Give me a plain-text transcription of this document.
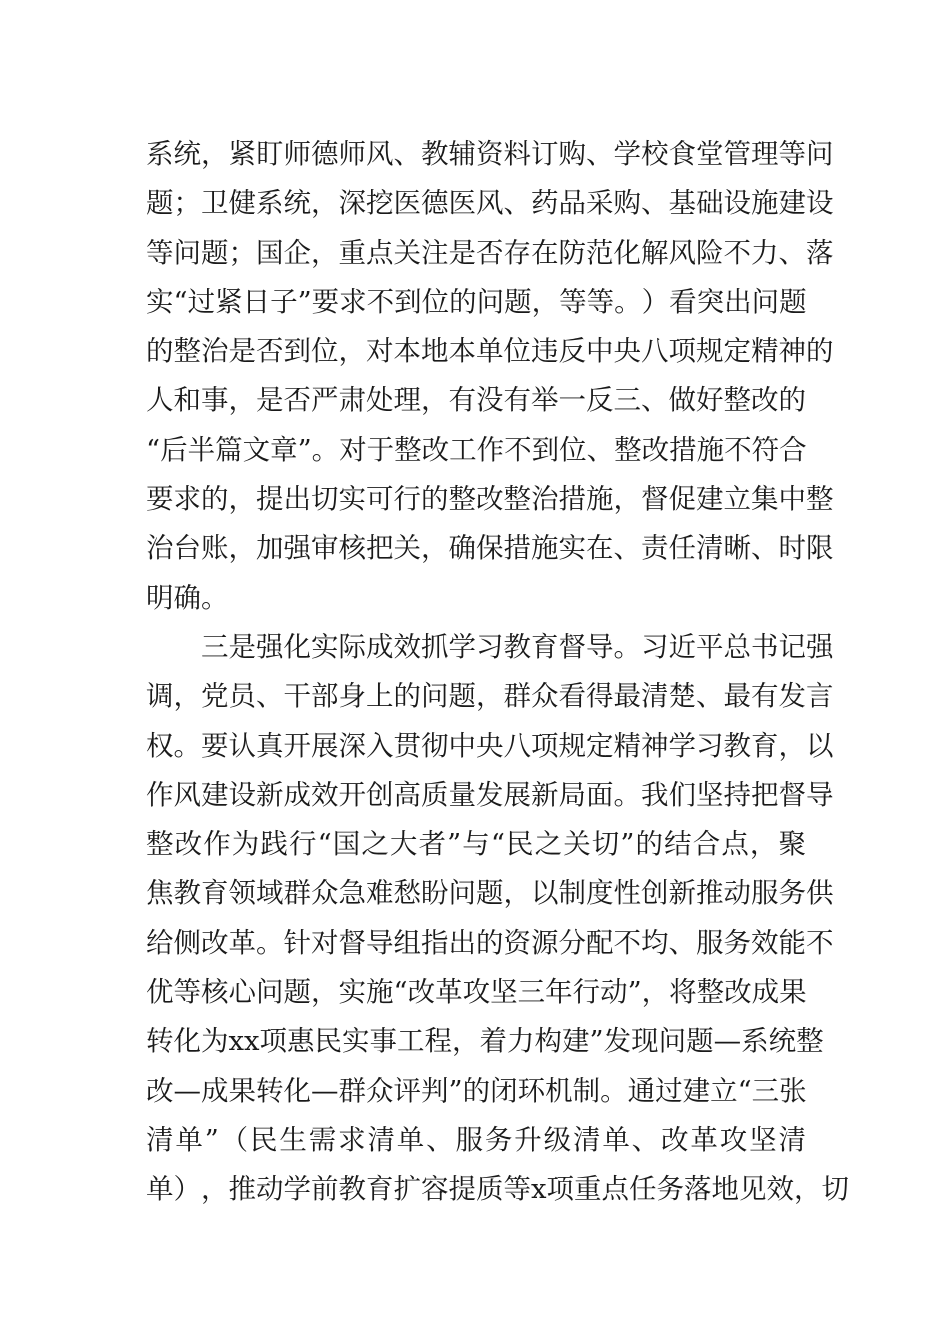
系 统 ， 紧 盯 师 德 师 风 、 教 辅 资 料 订 购 、 学 校 食 堂 管 理 等 问
题 ； 卫 健 系 统 ， 深 挖 医 德 医 风 、 药 品 采 购 、 基 础 设 施 建 设
等 问 题 ； 国 企 ， 重 点 关 注 是 否 存 在 防 范 化 解 风 险 不 力 、 落
实 “ 过 紧 日 子 ” 要 求 不 到 位 的 问 题 ， 等 等 。 ） 看 突 出 问 题
的 整 治 是 否 到 位 ， 对 本 地 本 单 位 违 反 中 央 八 项 规 定 精 神 的
人 和 事 ， 是 否 严 肃 处 理 ， 有 没 有 举 一 反 三 、 做 好 整 改 的
“ 后 半 篇 文 章 ” 。 对 于 整 改 工 作 不 到 位 、 整 改 措 施 不 符 合
要 求 的 ， 提 出 切 实 可 行 的 整 改 整 治 措 施 ， 督 促 建 立 集 中 整
治 台 账 ， 加 强 审 核 把 关 ， 确 保 措 施 实 在 、 责 任 清 晰 、 时 限
明 确 。

三 是 强 化 实 际 成 效 抓 学 习 教 育 督 导 。 习 近 平 总 书 记 强
调 ， 党 员 、 干 部 身 上 的 问 题 ， 群 众 看 得 最 清 楚 、 最 有 发 言
权 。 要 认 真 开 展 深 入 贯 彻 中 央 八 项 规 定 精 神 学 习 教 育 ， 以
作 风 建 设 新 成 效 开 创 高 质 量 发 展 新 局 面 。 我 们 坚 持 把 督 导
整 改 作 为 践 行 “ 国 之 大 者 ” 与 “ 民 之 关 切 ” 的 结 合 点 ， 聚
焦 教 育 领 域 群 众 急 难 愁 盼 问 题 ， 以 制 度 性 创 新 推 动 服 务 供
给 侧 改 革 。 针 对 督 导 组 指 出 的 资 源 分 配 不 均 、 服 务 效 能 不
优 等 核 心 问 题 ， 实 施 “ 改 革 攻 坚 三 年 行 动 ” ， 将 整 改 成 果
转 化 为 x x 项 惠 民 实 事 工 程 ， 着 力 构 建 ” 发 现 问 题 — 系 统 整
改 — 成 果 转 化 — 群 众 评 判 ” 的 闭 环 机 制 。 通 过 建 立 “ 三 张
清 单 ” （ 民 生 需 求 清 单 、 服 务 升 级 清 单 、 改 革 攻 坚 清
单 ） ， 推 动 学 前 教 育 扩 容 提 质 等 x 项 重 点 任 务 落 地 见 效 ， 切
